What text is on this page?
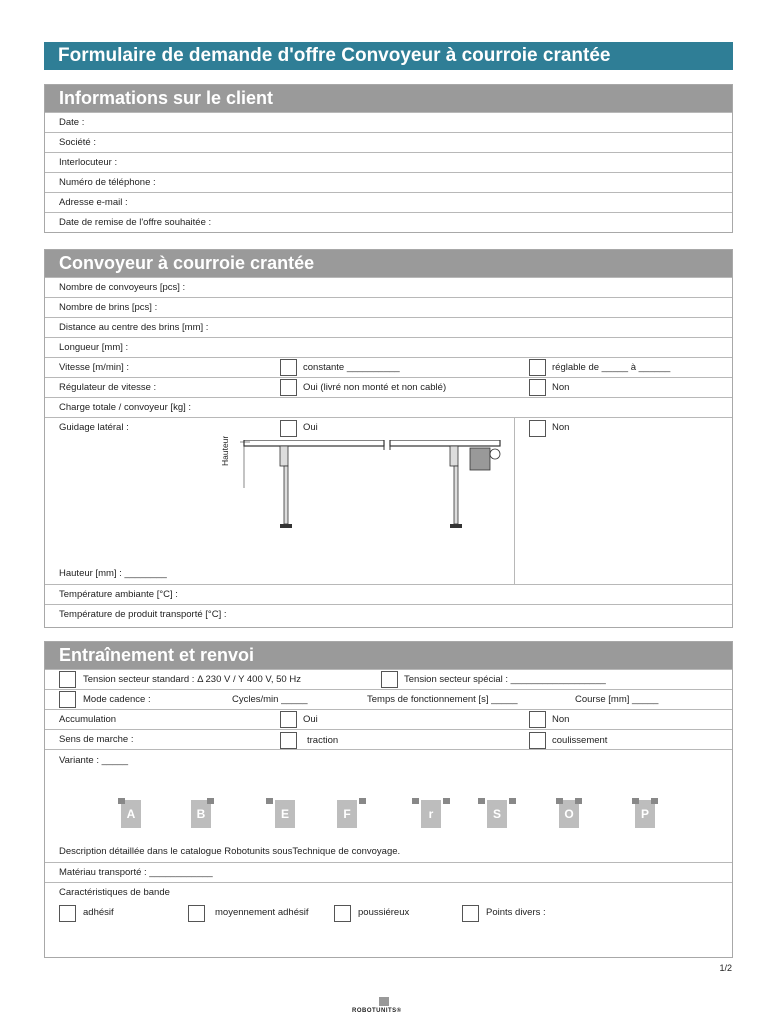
Formulaire de demande d'offre Convoyeur à courroie crantée
Informations sur le client
Date :
Société :
Interlocuteur :
Numéro de téléphone :
Adresse e-mail :
Date de remise de l'offre souhaitée :
Convoyeur à courroie crantée
Nombre de convoyeurs [pcs] :
Nombre de brins [pcs] :
Distance au centre des brins [mm] :
Longueur [mm] :
Vitesse [m/min] :	constante __________	réglable de _____ à ______
Régulateur de vitesse :	Oui (livré non monté et non cablé)	Non
Charge totale / convoyeur [kg] :
Guidage latéral :	Oui	Non
Hauteur
Hauteur [mm] : ________
Température ambiante [°C] :
Température de produit transporté [°C] :
Entraînement et renvoi
Tension secteur standard : Δ 230 V / Y 400 V, 50 Hz	Tension secteur spécial : __________________
Mode cadence :	Cycles/min _____	Temps de fonctionnement [s] _____	Course [mm] _____
Accumulation	Oui	Non
Sens de marche :	traction	coulissement
Variante : _____
A	B	E	F	r	S	O	P
Description détaillée dans le catalogue Robotunits sousTechnique de convoyage.
Matériau transporté : ____________
Caractéristiques de bande
adhésif	moyennement adhésif	poussiéreux	Points divers :
1/2
ROBOTUNITS®
